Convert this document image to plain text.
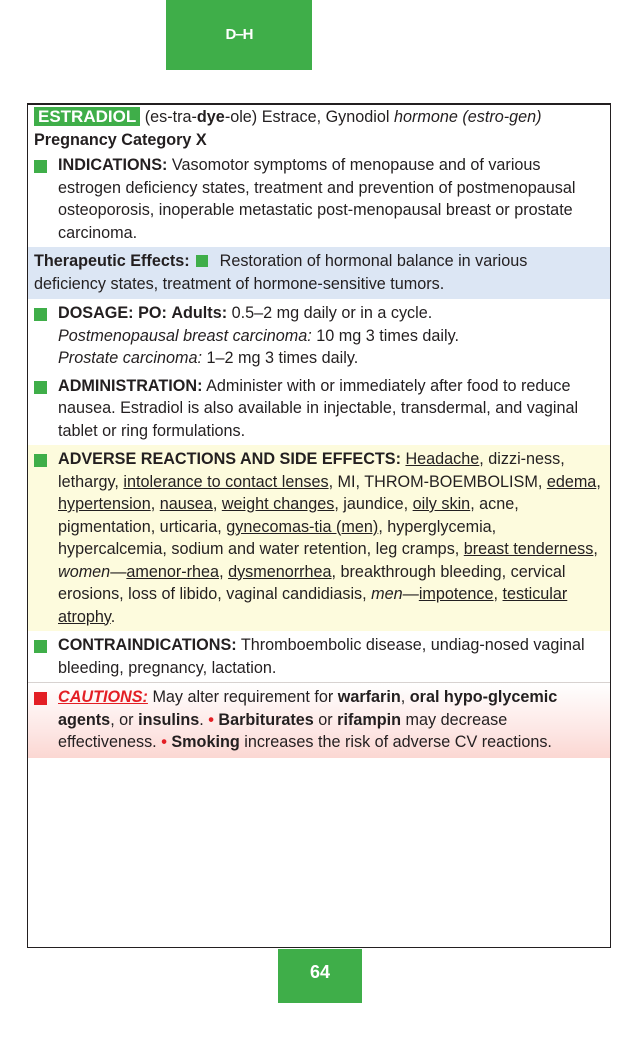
D–H
ESTRADIOL (es-tra-dye-ole) Estrace, Gynodiol hormone (estro-gen) Pregnancy Category X
INDICATIONS: Vasomotor symptoms of menopause and of various estrogen deficiency states, treatment and prevention of postmenopausal osteoporosis, inoperable metastatic post-menopausal breast or prostate carcinoma.
Therapeutic Effects: Restoration of hormonal balance in various deficiency states, treatment of hormone-sensitive tumors.
DOSAGE: PO: Adults: 0.5–2 mg daily or in a cycle.
Postmenopausal breast carcinoma: 10 mg 3 times daily.
Prostate carcinoma: 1–2 mg 3 times daily.
ADMINISTRATION: Administer with or immediately after food to reduce nausea. Estradiol is also available in injectable, transdermal, and vaginal tablet or ring formulations.
ADVERSE REACTIONS AND SIDE EFFECTS: Headache, dizzi-ness, lethargy, intolerance to contact lenses, MI, THROM-BOEMBOLISM, edema, hypertension, nausea, weight changes, jaundice, oily skin, acne, pigmentation, urticaria, gynecomas-tia (men), hyperglycemia, hypercalcemia, sodium and water retention, leg cramps, breast tenderness, women—amenor-rhea, dysmenorrhea, breakthrough bleeding, cervical erosions, loss of libido, vaginal candidiasis, men—impotence, testicular atrophy.
CONTRAINDICATIONS: Thromboembolic disease, undiag-nosed vaginal bleeding, pregnancy, lactation.
CAUTIONS: May alter requirement for warfarin, oral hypo-glycemic agents, or insulins. • Barbiturates or rifampin may decrease effectiveness. • Smoking increases the risk of adverse CV reactions.
64
